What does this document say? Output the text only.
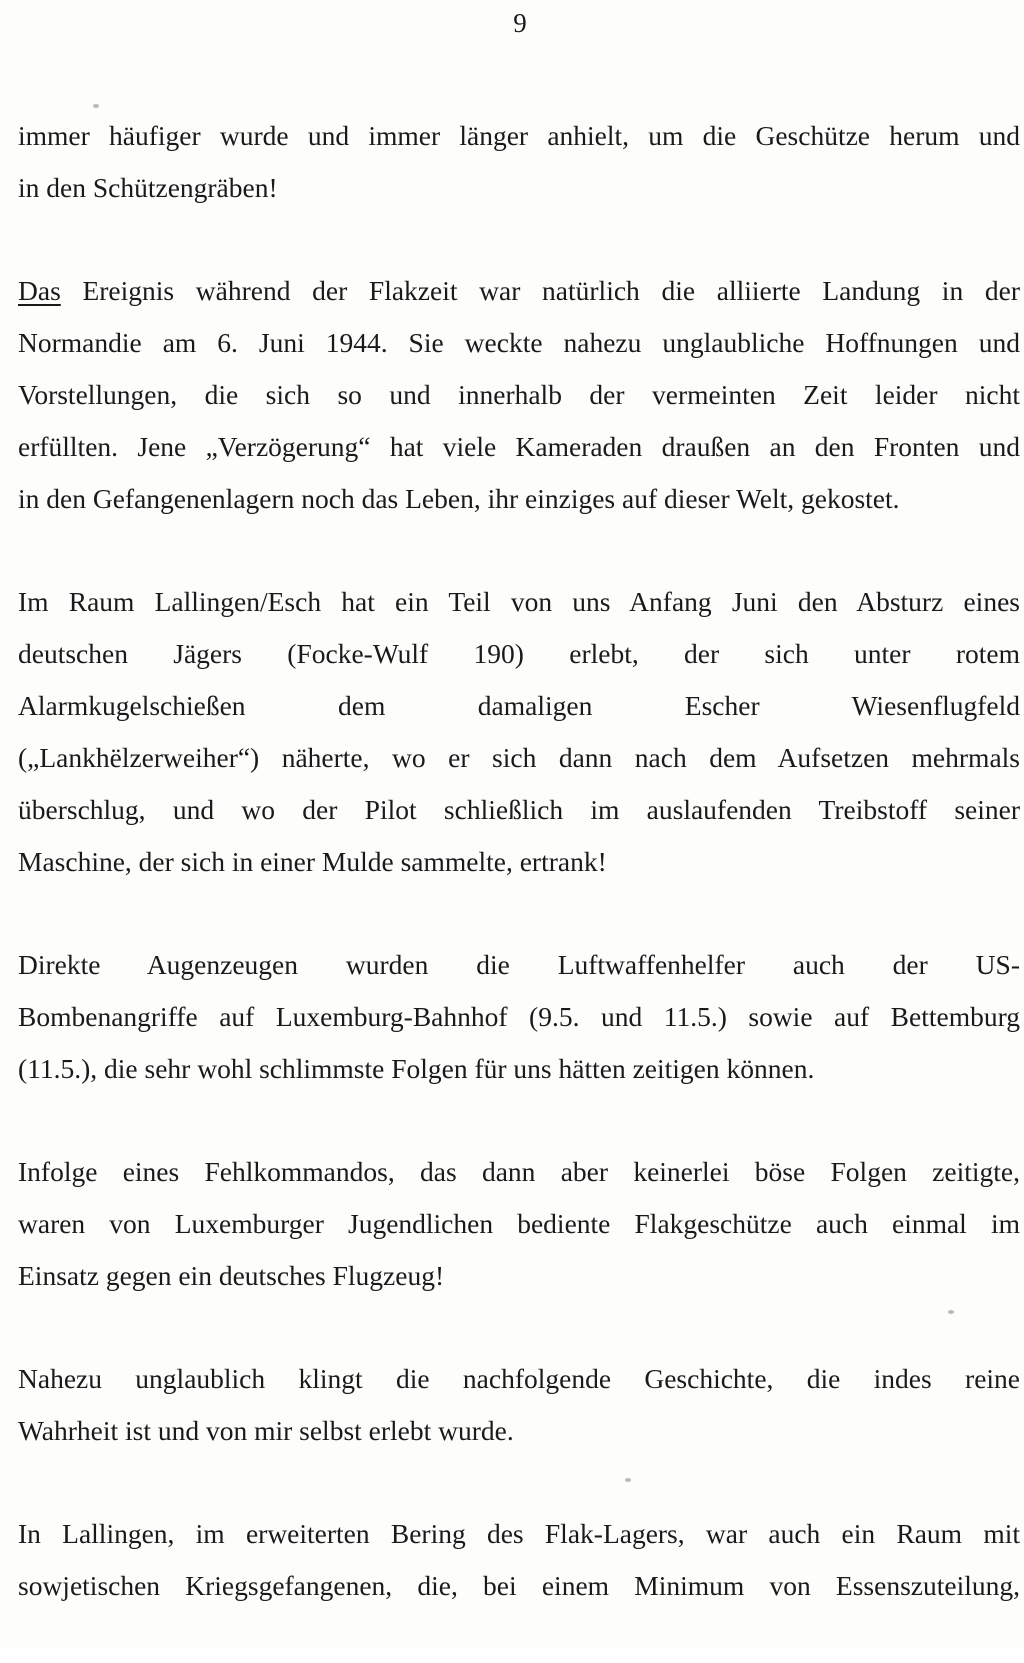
9

immer häufiger wurde und immer länger anhielt, um die Geschütze herum und
in den Schützengräben!

Das Ereignis während der Flakzeit war natürlich die alliierte Landung in der
Normandie am 6. Juni 1944. Sie weckte nahezu unglaubliche Hoffnungen und
Vorstellungen, die sich so und innerhalb der vermeinten Zeit leider nicht
erfüllten. Jene „Verzögerung“ hat viele Kameraden draußen an den Fronten und
in den Gefangenenlagern noch das Leben, ihr einziges auf dieser Welt, gekostet.

Im Raum Lallingen/Esch hat ein Teil von uns Anfang Juni den Absturz eines
deutschen Jägers (Focke-Wulf 190) erlebt, der sich unter rotem
Alarmkugelschießen dem damaligen Escher Wiesenflugfeld
(„Lankhëlzerweiher“) näherte, wo er sich dann nach dem Aufsetzen mehrmals
überschlug, und wo der Pilot schließlich im auslaufenden Treibstoff seiner
Maschine, der sich in einer Mulde sammelte, ertrank!

Direkte Augenzeugen wurden die Luftwaffenhelfer auch der US-
Bombenangriffe auf Luxemburg-Bahnhof (9.5. und 11.5.) sowie auf Bettemburg
(11.5.), die sehr wohl schlimmste Folgen für uns hätten zeitigen können.

Infolge eines Fehlkommandos, das dann aber keinerlei böse Folgen zeitigte,
waren von Luxemburger Jugendlichen bediente Flakgeschütze auch einmal im
Einsatz gegen ein deutsches Flugzeug!

Nahezu unglaublich klingt die nachfolgende Geschichte, die indes reine
Wahrheit ist und von mir selbst erlebt wurde.

In Lallingen, im erweiterten Bering des Flak-Lagers, war auch ein Raum mit
sowjetischen Kriegsgefangenen, die, bei einem Minimum von Essenszuteilung,
